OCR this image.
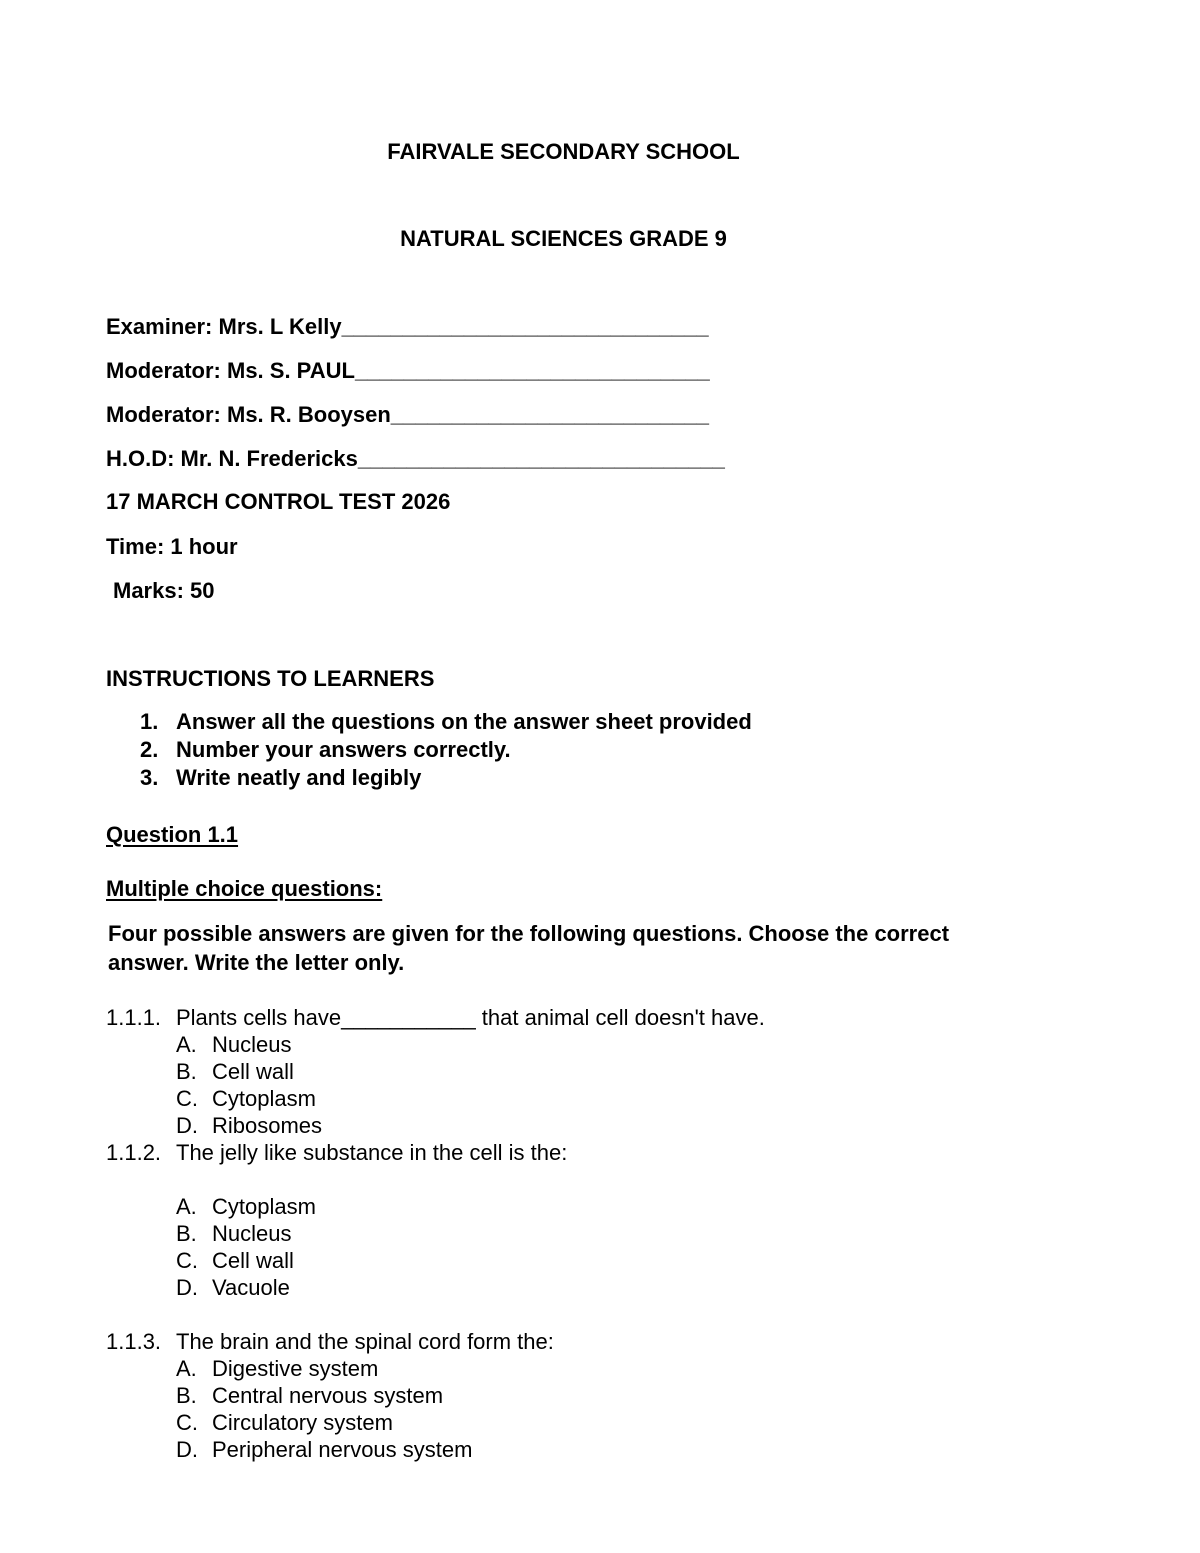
FAIRVALE SECONDARY SCHOOL
NATURAL SCIENCES GRADE 9
Examiner: Mrs. L Kelly______________________________
Moderator: Ms. S. PAUL_____________________________
Moderator: Ms. R. Booysen__________________________
H.O.D: Mr. N. Fredericks______________________________
17 MARCH CONTROL TEST 2026
Time: 1 hour
Marks: 50
INSTRUCTIONS TO LEARNERS
1. Answer all the questions on the answer sheet provided
2. Number your answers correctly.
3. Write neatly and legibly
Question 1.1
Multiple choice questions:
Four possible answers are given for the following questions. Choose the correct
answer. Write the letter only.
1.1.1. Plants cells have___________ that animal cell doesn't have.
A. Nucleus
B. Cell wall
C. Cytoplasm
D. Ribosomes
1.1.2. The jelly like substance in the cell is the:
A. Cytoplasm
B. Nucleus
C. Cell wall
D. Vacuole
1.1.3. The brain and the spinal cord form the:
A. Digestive system
B. Central nervous system
C. Circulatory system
D. Peripheral nervous system
